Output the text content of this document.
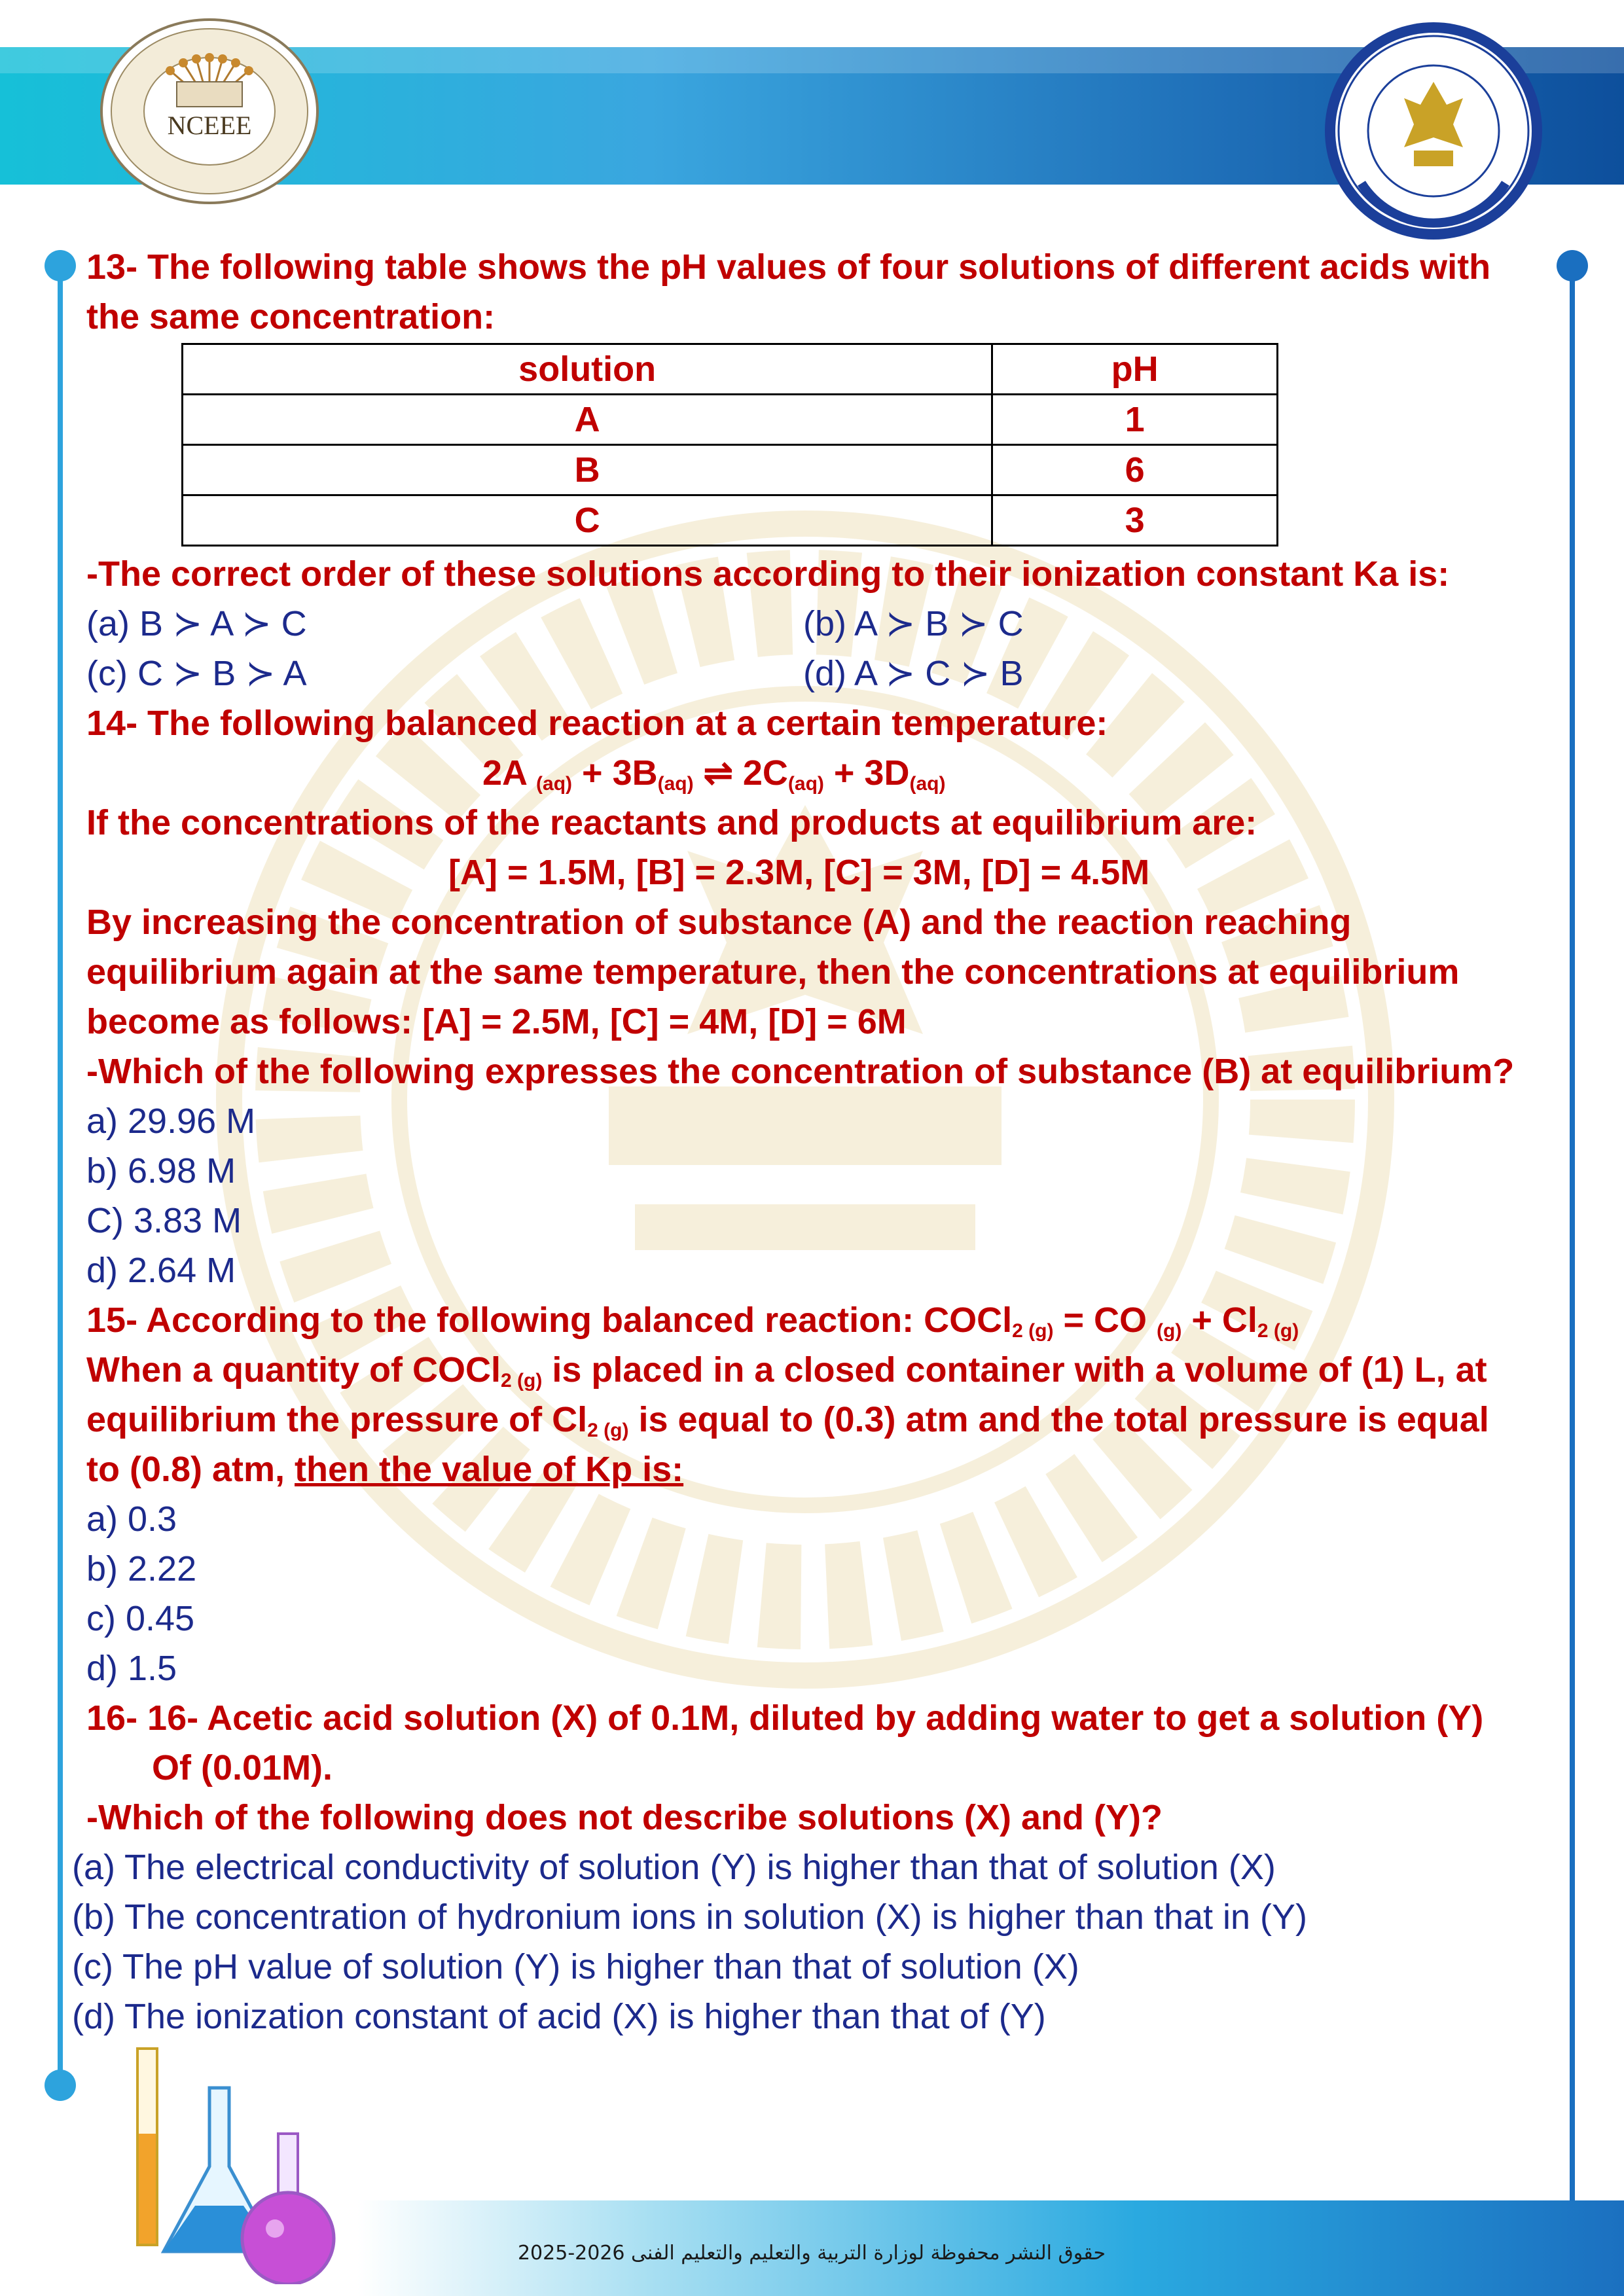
NCEEE
حقوق النشر محفوظة لوزارة التربية والتعليم والتعليم الفنى 2026-2025
13- The following table shows the pH values of four solutions of different acids with
the same concentration:
solution	pH
A	1
B	6
C	3
-The correct order of these solutions according to their ionization constant Ka is:
(a) B ≻ A ≻ C	(b) A ≻ B ≻ C
(c) C ≻ B ≻ A	(d) A ≻ C ≻ B
14- The following balanced reaction at a certain temperature:
2A $_{(aq)} + 3B_{(aq)}$ ⇌ $2C_{(aq)} + 3D_{(aq)}$
If the concentrations of the reactants and products at equilibrium are:
[A] = 1.5M, [B] = 2.3M, [C] = 3M, [D] = 4.5M
By increasing the concentration of substance (A) and the reaction reaching
equilibrium again at the same temperature, then the concentrations at equilibrium
become as follows: [A] = 2.5M, [C] = 4M, [D] = 6M
-Which of the following expresses the concentration of substance (B) at equilibrium?
a) 29.96 M
b) 6.98 M
C) 3.83 M
d) 2.64 M
15- According to the following balanced reaction: COCl$_{2 (g)}$ = CO $_{(g)} + Cl_{2 (g)}$
When a quantity of COCl$_{2 (g)}$ is placed in a closed container with a volume of (1) L, at
equilibrium the pressure of $Cl_{2 (g)}$ is equal to (0.3) atm and the total pressure is equal
to (0.8) atm, then the value of Kp is:
a) 0.3
b) 2.22
c) 0.45
d) 1.5
16- 16- Acetic acid solution (X) of 0.1M, diluted by adding water to get a solution (Y)
Of (0.01M).
-Which of the following does not describe solutions (X) and (Y)?
(a) The electrical conductivity of solution (Y) is higher than that of solution (X)
(b) The concentration of hydronium ions in solution (X) is higher than that in (Y)
(c) The pH value of solution (Y) is higher than that of solution (X)
(d) The ionization constant of acid (X) is higher than that of (Y)
